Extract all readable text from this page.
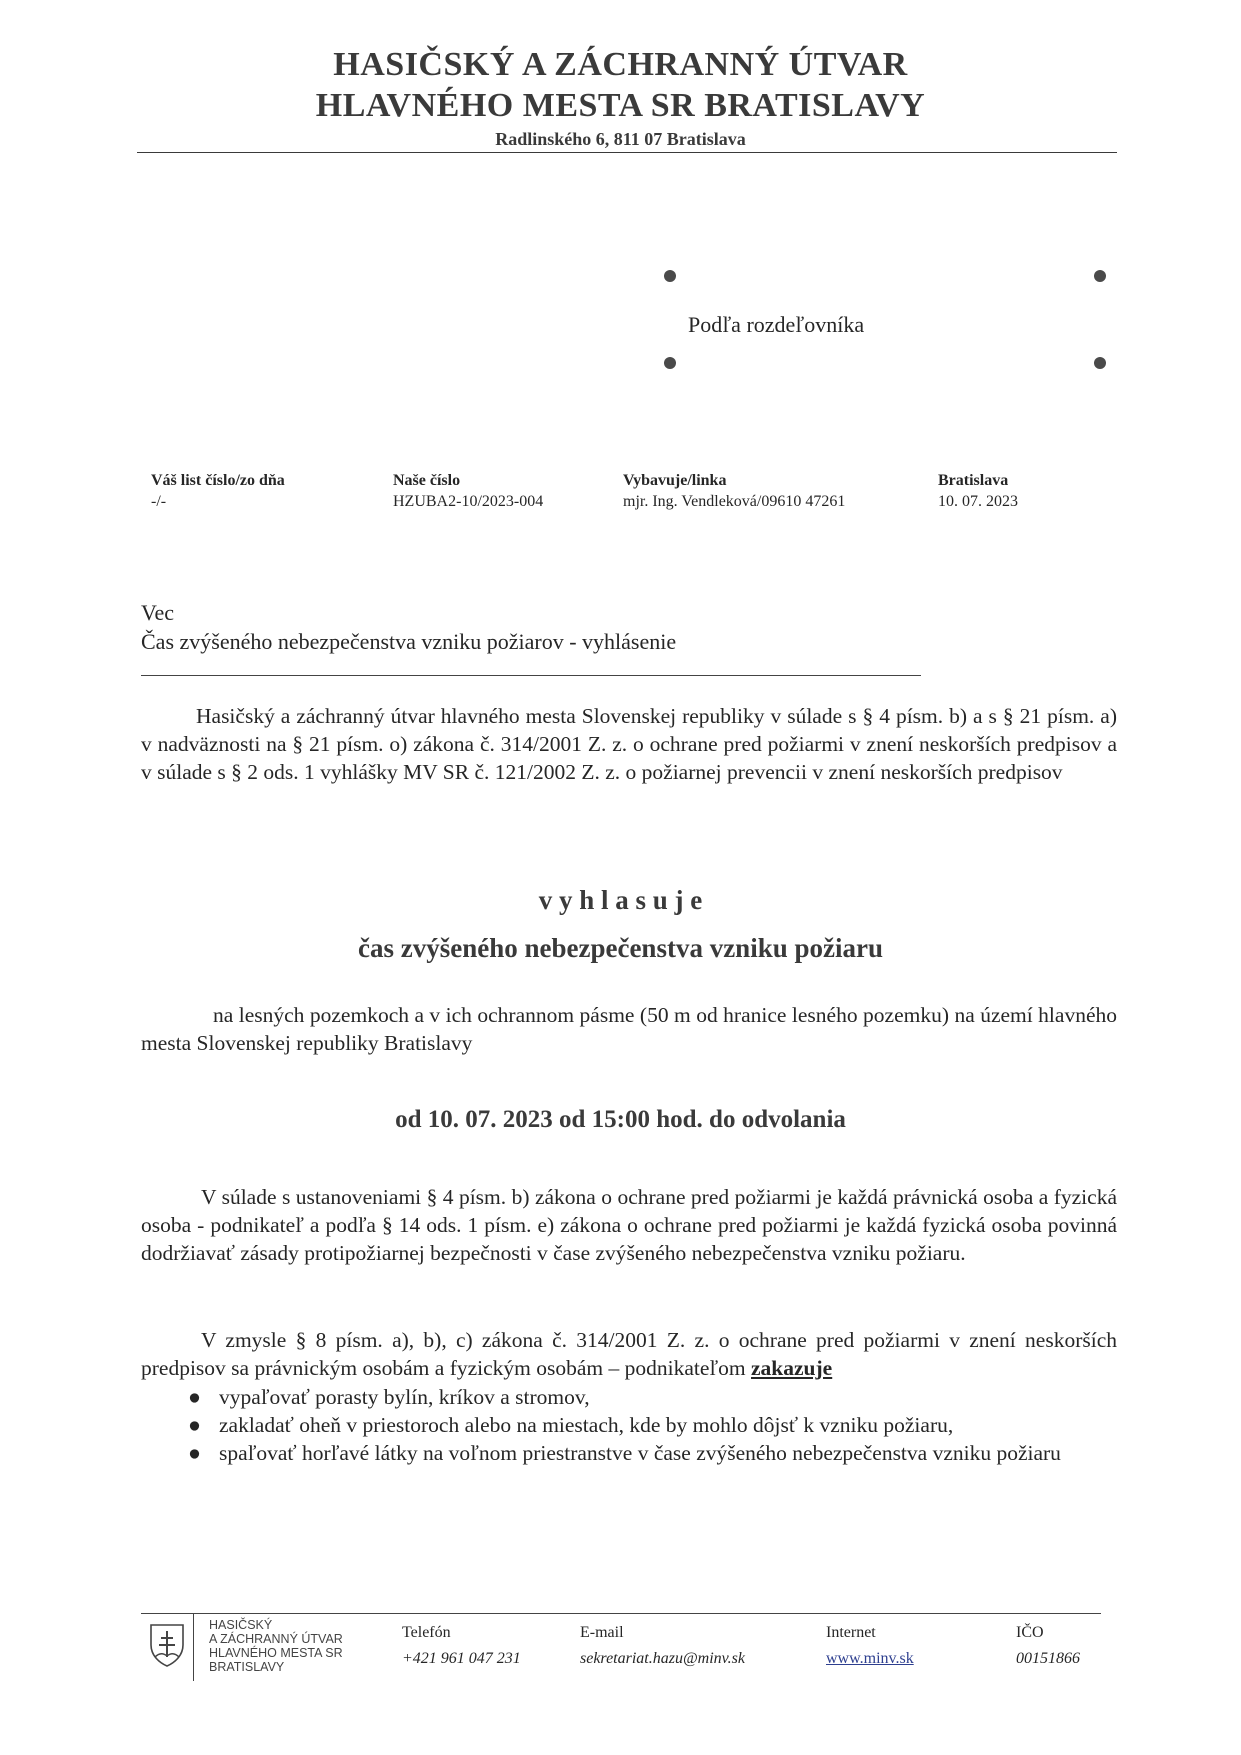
HASIČSKÝ A ZÁCHRANNÝ ÚTVAR
HLAVNÉHO MESTA SR BRATISLAVY
Radlinského 6, 811 07 Bratislava
Podľa rozdeľovníka
Váš list číslo/zo dňa
-/-
Naše číslo
HZUBA2-10/2023-004
Vybavuje/linka
mjr. Ing. Vendleková/09610 47261
Bratislava
10. 07. 2023
Vec
Čas zvýšeného nebezpečenstva vzniku požiarov - vyhlásenie
Hasičský a záchranný útvar hlavného mesta Slovenskej republiky v súlade s § 4 písm. b) a s § 21 písm. a) v nadväznosti na § 21 písm. o) zákona č. 314/2001 Z. z. o ochrane pred požiarmi v znení neskorších predpisov a v súlade s § 2 ods. 1 vyhlášky MV SR č. 121/2002 Z. z. o požiarnej prevencii v znení neskorších predpisov
v y h l a s u j e
čas zvýšeného nebezpečenstva vzniku požiaru
na lesných pozemkoch a v ich ochrannom pásme (50 m od hranice lesného pozemku) na území hlavného mesta Slovenskej republiky Bratislavy
od 10. 07. 2023 od 15:00 hod. do odvolania
V súlade s ustanoveniami § 4 písm. b) zákona o ochrane pred požiarmi je každá právnická osoba a fyzická osoba - podnikateľ a podľa § 14 ods. 1 písm. e) zákona o ochrane pred požiarmi je každá fyzická osoba povinná dodržiavať zásady protipožiarnej bezpečnosti v čase zvýšeného nebezpečenstva vzniku požiaru.
V zmysle § 8 písm. a), b), c) zákona č. 314/2001 Z. z. o ochrane pred požiarmi v znení neskorších predpisov sa právnickým osobám a fyzickým osobám – podnikateľom zakazuje
● vypaľovať porasty bylín, kríkov a stromov,
● zakladať oheň v priestoroch alebo na miestach, kde by mohlo dôjsť k vzniku požiaru,
● spaľovať horľavé látky na voľnom priestranstve v čase zvýšeného nebezpečenstva vzniku požiaru
HASIČSKÝ
A ZÁCHRANNÝ ÚTVAR
HLAVNÉHO MESTA SR
BRATISLAVY
Telefón
+421 961 047 231
E-mail
sekretariat.hazu@minv.sk
Internet
www.minv.sk
IČO
00151866
